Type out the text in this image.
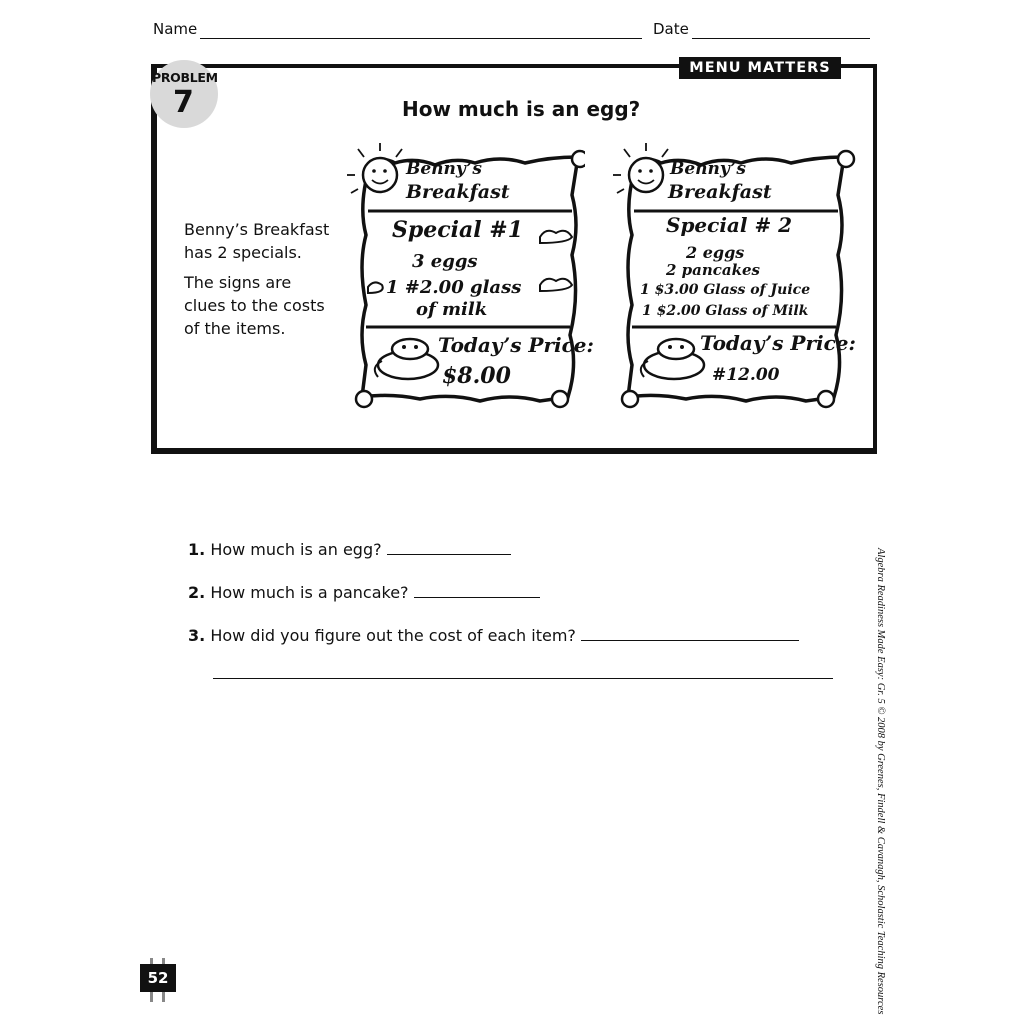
Name	Date
MENU MATTERS
PROBLEM
7	How much is an egg?
Benny’s Breakfast
has 2 specials.
The signs are
clues to the costs
of the items.
Benny’s
Breakfast
Special #1
3 eggs
1 #2.00 glass
of milk
Today’s Price:
$8.00
Benny’s
Breakfast
Special # 2
2 eggs
2 pancakes
1 $3.00 Glass of Juice
1 $2.00 Glass of Milk
Today’s Price:
#12.00
1. How much is an egg?
2. How much is a pancake?
3. How did you figure out the cost of each item?	Algebra Readiness Made Easy: Gr. 5 © 2008 by Greenes, Findell & Cavanagh, Scholastic Teaching Resources
52
